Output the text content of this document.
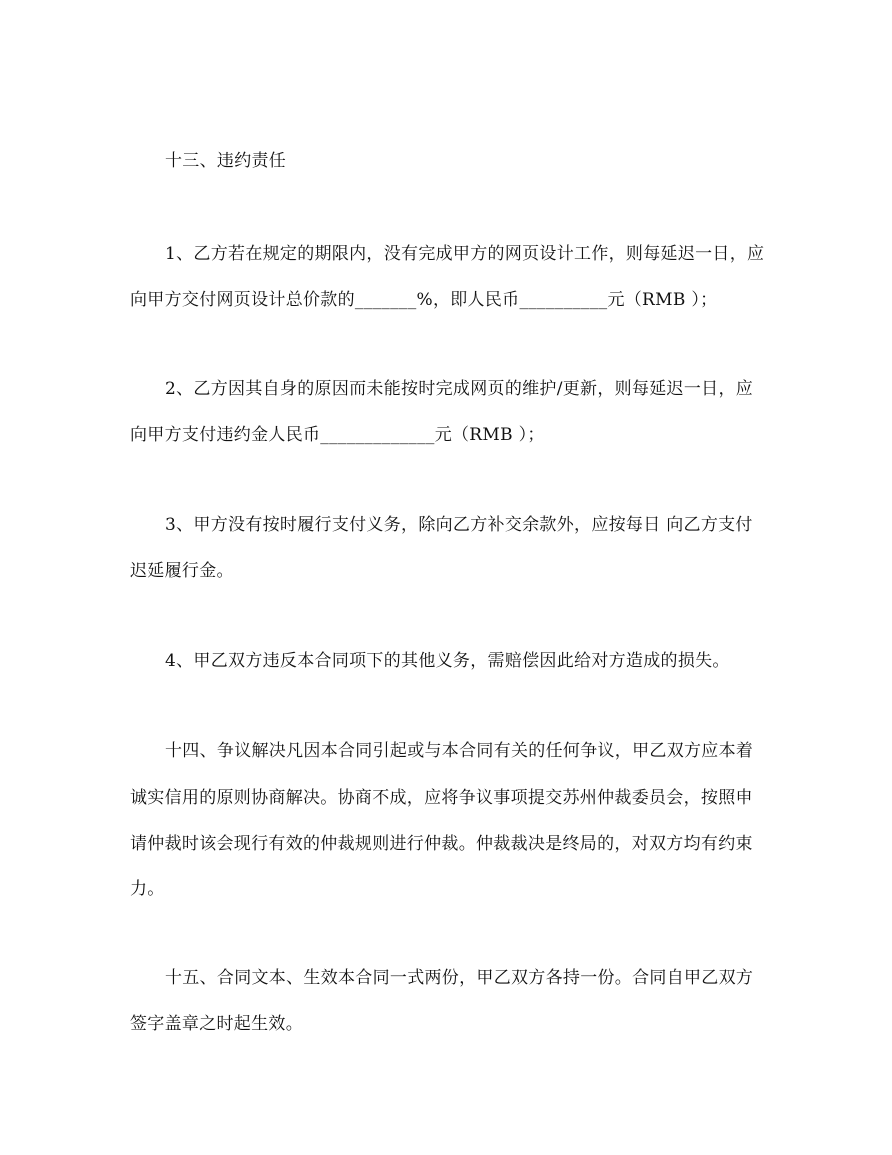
十三、违约责任
1、乙方若在规定的期限内，没有完成甲方的网页设计工作，则每延迟一日，应
向甲方交付网页设计总价款的_______%，即人民币__________元（RMB ）；
2、乙方因其自身的原因而未能按时完成网页的维护/更新，则每延迟一日，应
向甲方支付违约金人民币_____________元（RMB ）；
3、甲方没有按时履行支付义务，除向乙方补交余款外，应按每日 向乙方支付
迟延履行金。
4、甲乙双方违反本合同项下的其他义务，需赔偿因此给对方造成的损失。
十四、争议解决凡因本合同引起或与本合同有关的任何争议，甲乙双方应本着
诚实信用的原则协商解决。协商不成，应将争议事项提交苏州仲裁委员会，按照申
请仲裁时该会现行有效的仲裁规则进行仲裁。仲裁裁决是终局的，对双方均有约束
力。
十五、合同文本、生效本合同一式两份，甲乙双方各持一份。合同自甲乙双方
签字盖章之时起生效。
